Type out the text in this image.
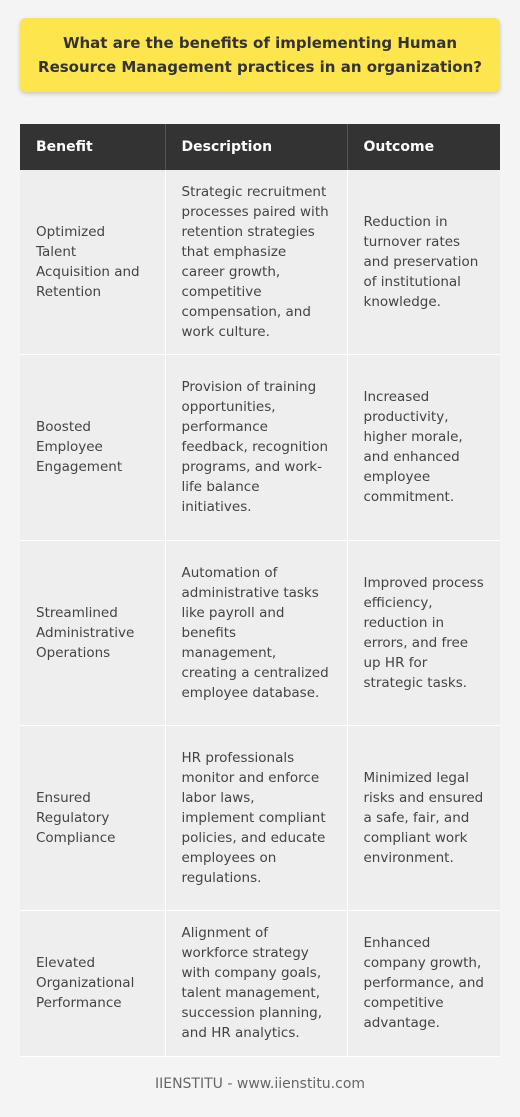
What are the benefits of implementing Human Resource Management practices in an organization?
Benefit	Description	Outcome
Optimized Talent Acquisition and Retention	Strategic recruitment processes paired with retention strategies that emphasize career growth, competitive compensation, and work culture.	Reduction in turnover rates and preservation of institutional knowledge.
Boosted Employee Engagement	Provision of training opportunities, performance feedback, recognition programs, and work-life balance initiatives.	Increased productivity, higher morale, and enhanced employee commitment.
Streamlined Administrative Operations	Automation of administrative tasks like payroll and benefits management, creating a centralized employee database.	Improved process efficiency, reduction in errors, and free up HR for strategic tasks.
Ensured Regulatory Compliance	HR professionals monitor and enforce labor laws, implement compliant policies, and educate employees on regulations.	Minimized legal risks and ensured a safe, fair, and compliant work environment.
Elevated Organizational Performance	Alignment of workforce strategy with company goals, talent management, succession planning, and HR analytics.	Enhanced company growth, performance, and competitive advantage.
IIENSTITU - www.iienstitu.com
